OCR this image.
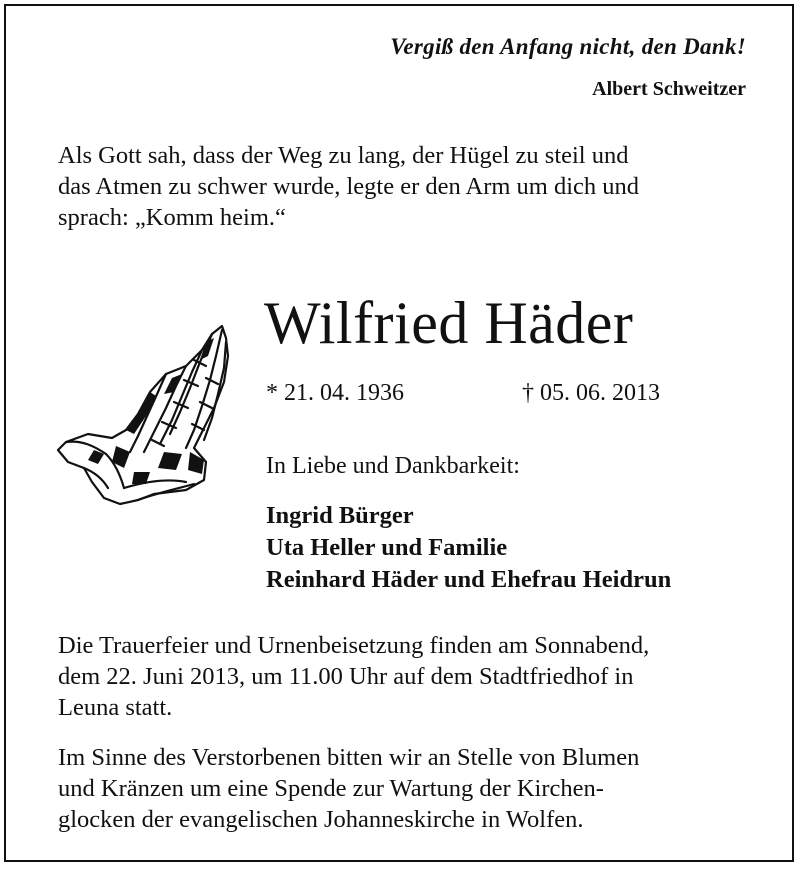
Vergiß den Anfang nicht, den Dank!
Albert Schweitzer
Als Gott sah, dass der Weg zu lang, der Hügel zu steil und
das Atmen zu schwer wurde, legte er den Arm um dich und
sprach: „Komm heim.“
Wilfried Häder
* 21. 04. 1936	† 05. 06. 2013
In Liebe und Dankbarkeit:
Ingrid Bürger
Uta Heller und Familie
Reinhard Häder und Ehefrau Heidrun
Die Trauerfeier und Urnenbeisetzung finden am Sonnabend,
dem 22. Juni 2013, um 11.00 Uhr auf dem Stadtfriedhof in
Leuna statt.
Im Sinne des Verstorbenen bitten wir an Stelle von Blumen
und Kränzen um eine Spende zur Wartung der Kirchen-
glocken der evangelischen Johanneskirche in Wolfen.
